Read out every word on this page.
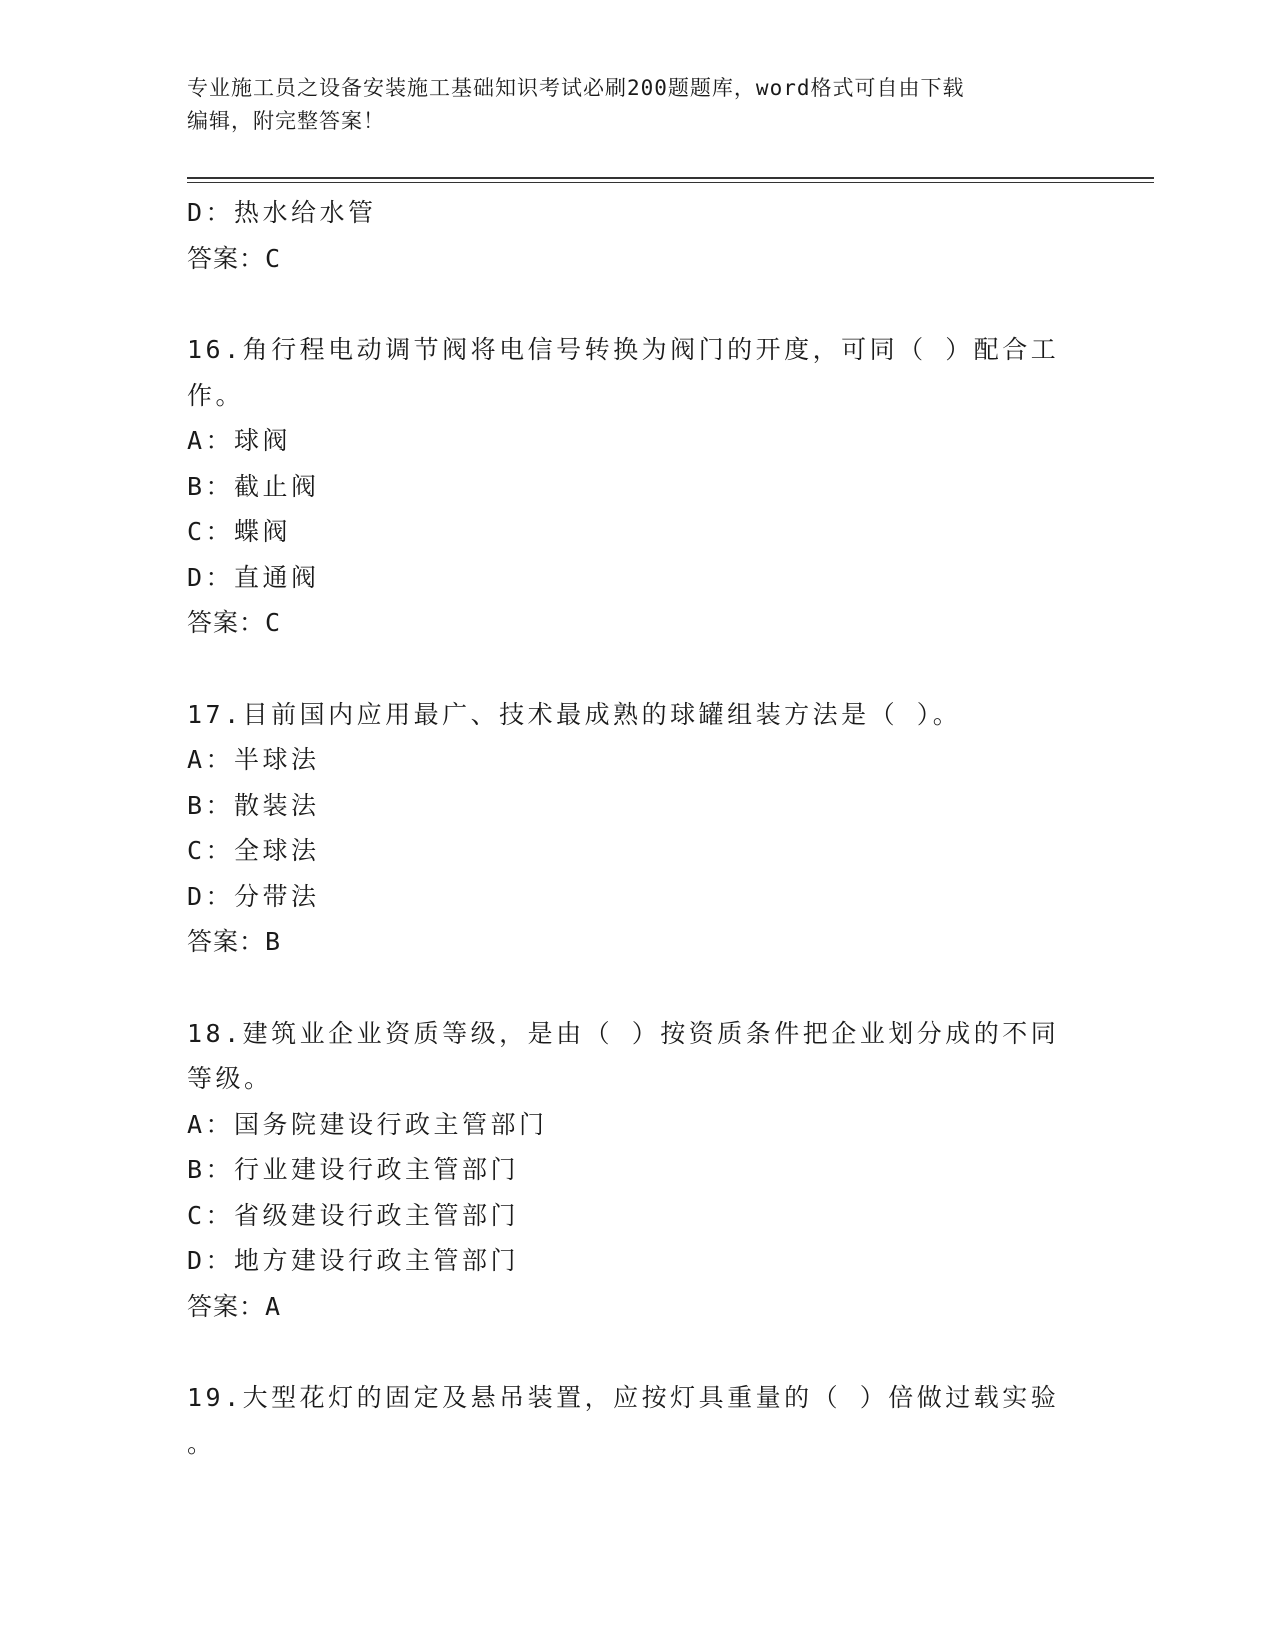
专业施工员之设备安装施工基础知识考试必刷200题题库，word格式可自由下载
编辑，附完整答案！
D：热水给水管
答案：C
16.角行程电动调节阀将电信号转换为阀门的开度，可同（ ）配合工
作。
A：球阀
B：截止阀
C：蝶阀
D：直通阀
答案：C
17.目前国内应用最广、技术最成熟的球罐组装方法是（ ）。
A：半球法
B：散装法
C：全球法
D：分带法
答案：B
18.建筑业企业资质等级，是由（ ）按资质条件把企业划分成的不同
等级。
A：国务院建设行政主管部门
B：行业建设行政主管部门
C：省级建设行政主管部门
D：地方建设行政主管部门
答案：A
19.大型花灯的固定及悬吊装置，应按灯具重量的（ ）倍做过载实验
。
